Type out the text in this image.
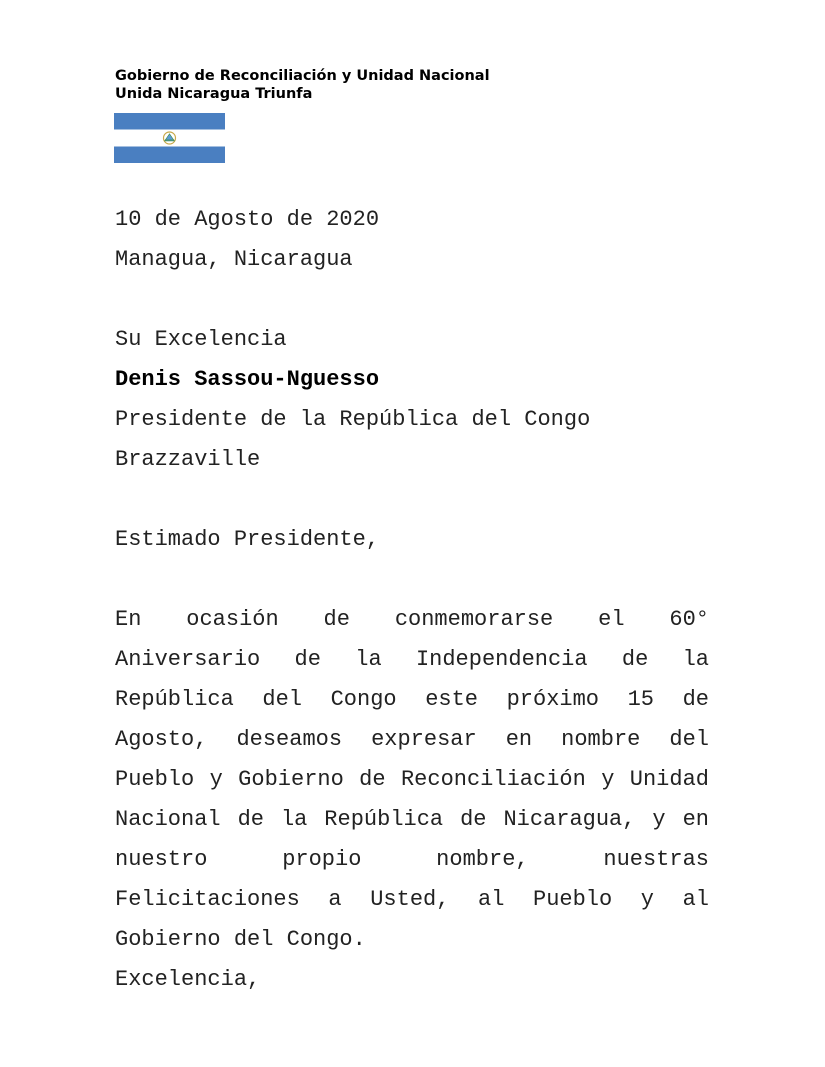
Gobierno de Reconciliación y Unidad Nacional
Unida Nicaragua Triunfa

10 de Agosto de 2020

Managua, Nicaragua

Su Excelencia

Denis Sassou-Nguesso

Presidente de la República del Congo

Brazzaville

Estimado Presidente,

En ocasión de conmemorarse el 60° Aniversario de la Independencia de la República del Congo este próximo 15 de Agosto, deseamos expresar en nombre del Pueblo y Gobierno de Reconciliación y Unidad Nacional de la República de Nicaragua, y en nuestro propio nombre, nuestras Felicitaciones a Usted, al Pueblo y al Gobierno del Congo.

Excelencia,
